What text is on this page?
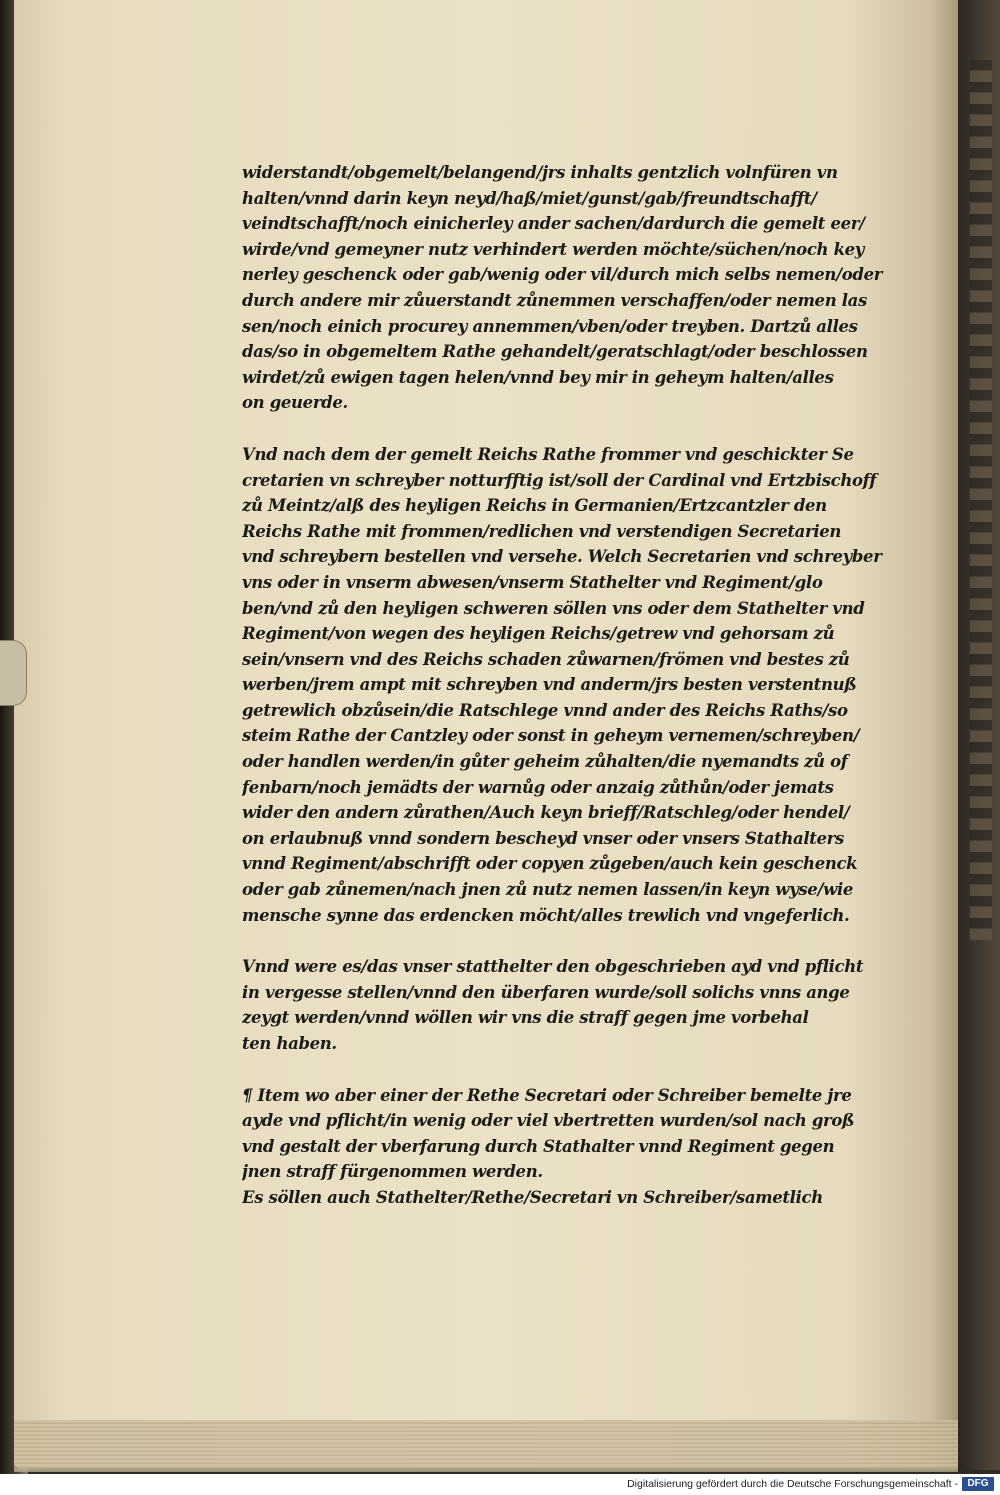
widerstandt/obgemelt/belangend/jrs inhalts gentzlich volnfüren vn
halten/vnnd darin keyn neyd/haß/miet/gunst/gab/freundtschafft/
veindtschafft/noch einicherley ander sachen/dardurch die gemelt eer/
wirde/vnd gemeyner nutz verhindert werden möchte/süchen/noch key
nerley geschenck oder gab/wenig oder vil/durch mich selbs nemen/oder
durch andere mir zůuerstandt zůnemmen verschaffen/oder nemen las
sen/noch einich procurey annemmen/vben/oder treyben. Dartzů alles
das/so in obgemeltem Rathe gehandelt/geratschlagt/oder beschlossen
wirdet/zů ewigen tagen helen/vnnd bey mir in geheym halten/alles
on geuerde.

Vnd nach dem der gemelt Reichs Rathe frommer vnd geschickter Se
cretarien vn schreyber notturfftig ist/soll der Cardinal vnd Ertzbischoff
zů Meintz/alß des heyligen Reichs in Germanien/Ertzcantzler den
Reichs Rathe mit frommen/redlichen vnd verstendigen Secretarien
vnd schreybern bestellen vnd versehe. Welch Secretarien vnd schreyber
vns oder in vnserm abwesen/vnserm Stathelter vnd Regiment/glo
ben/vnd zů den heyligen schweren söllen vns oder dem Stathelter vnd
Regiment/von wegen des heyligen Reichs/getrew vnd gehorsam zů
sein/vnsern vnd des Reichs schaden zůwarnen/frömen vnd bestes zů
werben/jrem ampt mit schreyben vnd anderm/jrs besten verstentnuß
getrewlich obzůsein/die Ratschlege vnnd ander des Reichs Raths/so
steim Rathe der Cantzley oder sonst in geheym vernemen/schreyben/
oder handlen werden/in gůter geheim zůhalten/die nyemandts zů of
fenbarn/noch jemädts der warnůg oder anzaig zůthůn/oder jemats
wider den andern zůrathen/Auch keyn brieff/Ratschleg/oder hendel/
on erlaubnuß vnnd sondern bescheyd vnser oder vnsers Stathalters
vnnd Regiment/abschrifft oder copyen zůgeben/auch kein geschenck
oder gab zůnemen/nach jnen zů nutz nemen lassen/in keyn wyse/wie
mensche synne das erdencken möcht/alles trewlich vnd vngeferlich.

Vnnd were es/das vnser statthelter den obgeschrieben ayd vnd pflicht
in vergesse stellen/vnnd den überfaren wurde/soll solichs vnns ange
zeygt werden/vnnd wöllen wir vns die straff gegen jme vorbehal
ten haben.

¶ Item wo aber einer der Rethe Secretari oder Schreiber bemelte jre
ayde vnd pflicht/in wenig oder viel vbertretten wurden/sol nach groß
vnd gestalt der vberfarung durch Stathalter vnnd Regiment gegen
jnen straff fürgenommen werden.
Es söllen auch Stathelter/Rethe/Secretari vn Schreiber/sametlich

Digitalisierung gefördert durch die Deutsche Forschungsgemeinschaft - DFG
